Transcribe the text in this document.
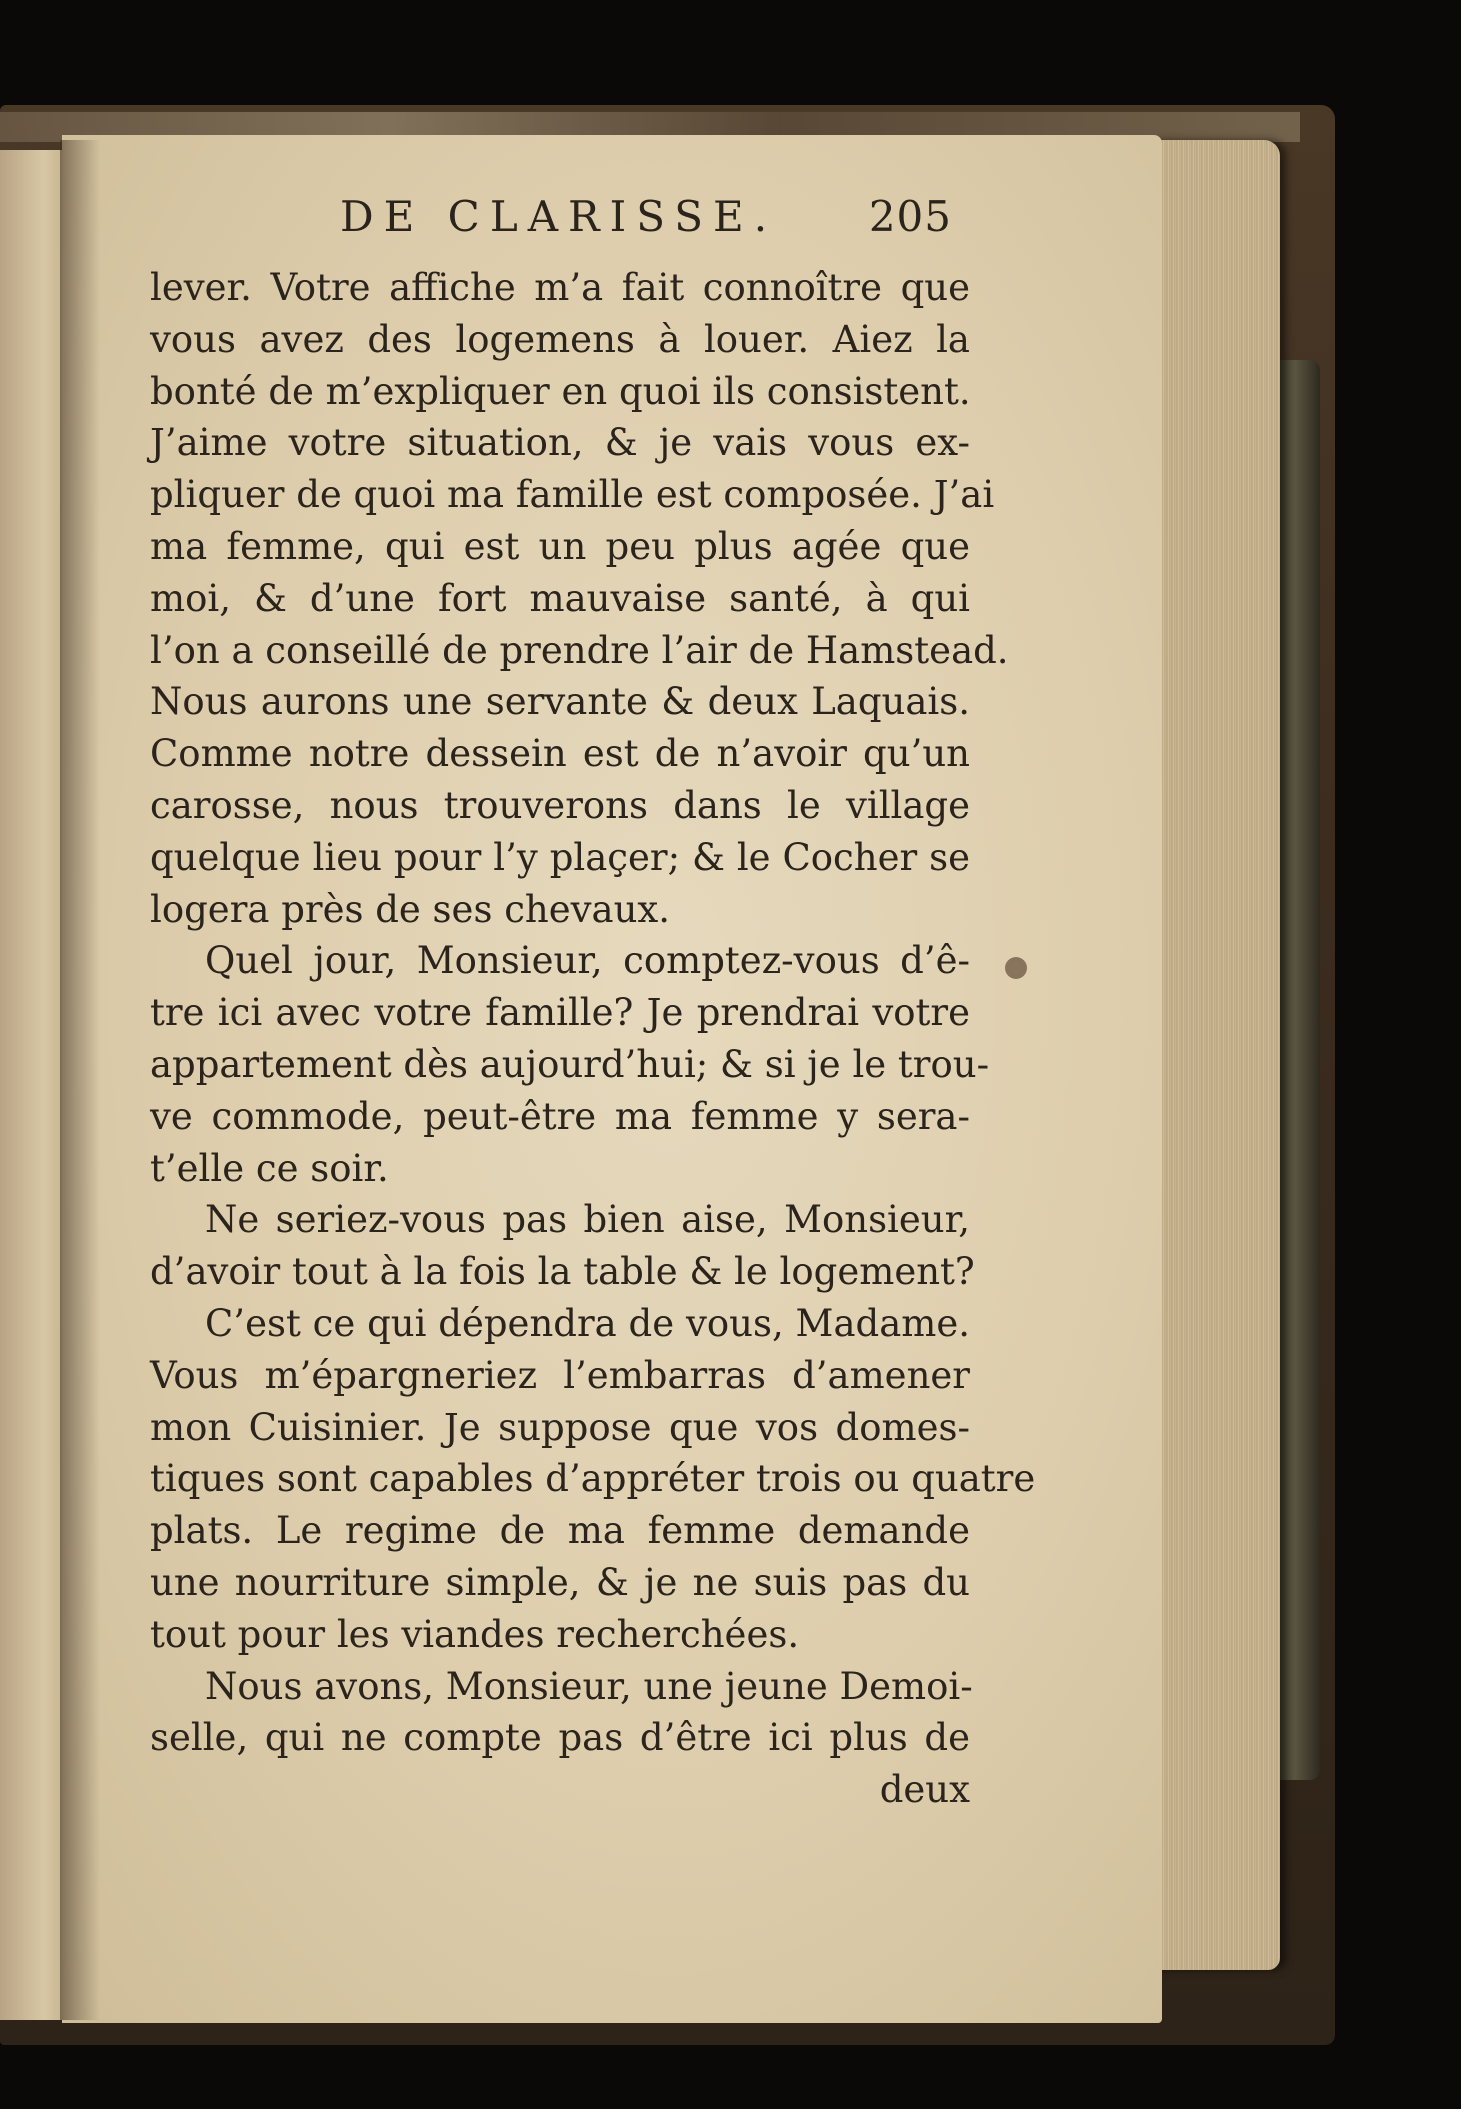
DE CLARISSE. 205
lever. Votre affiche m’a fait connoître que
vous avez des logemens à louer. Aiez la
bonté de m’expliquer en quoi ils consistent.
J’aime votre situation, & je vais vous ex-
pliquer de quoi ma famille est composée. J’ai
ma femme, qui est un peu plus agée que
moi, & d’une fort mauvaise santé, à qui
l’on a conseillé de prendre l’air de Hamstead.
Nous aurons une servante & deux Laquais.
Comme notre dessein est de n’avoir qu’un
carosse, nous trouverons dans le village
quelque lieu pour l’y plaçer; & le Cocher se
logera près de ses chevaux.
Quel jour, Monsieur, comptez-vous d’ê-
tre ici avec votre famille? Je prendrai votre
appartement dès aujourd’hui; & si je le trou-
ve commode, peut-être ma femme y sera-
t’elle ce soir.
Ne seriez-vous pas bien aise, Monsieur,
d’avoir tout à la fois la table & le logement?
C’est ce qui dépendra de vous, Madame.
Vous m’épargneriez l’embarras d’amener
mon Cuisinier. Je suppose que vos domes-
tiques sont capables d’appréter trois ou quatre
plats. Le regime de ma femme demande
une nourriture simple, & je ne suis pas du
tout pour les viandes recherchées.
Nous avons, Monsieur, une jeune Demoi-
selle, qui ne compte pas d’être ici plus de
deux
